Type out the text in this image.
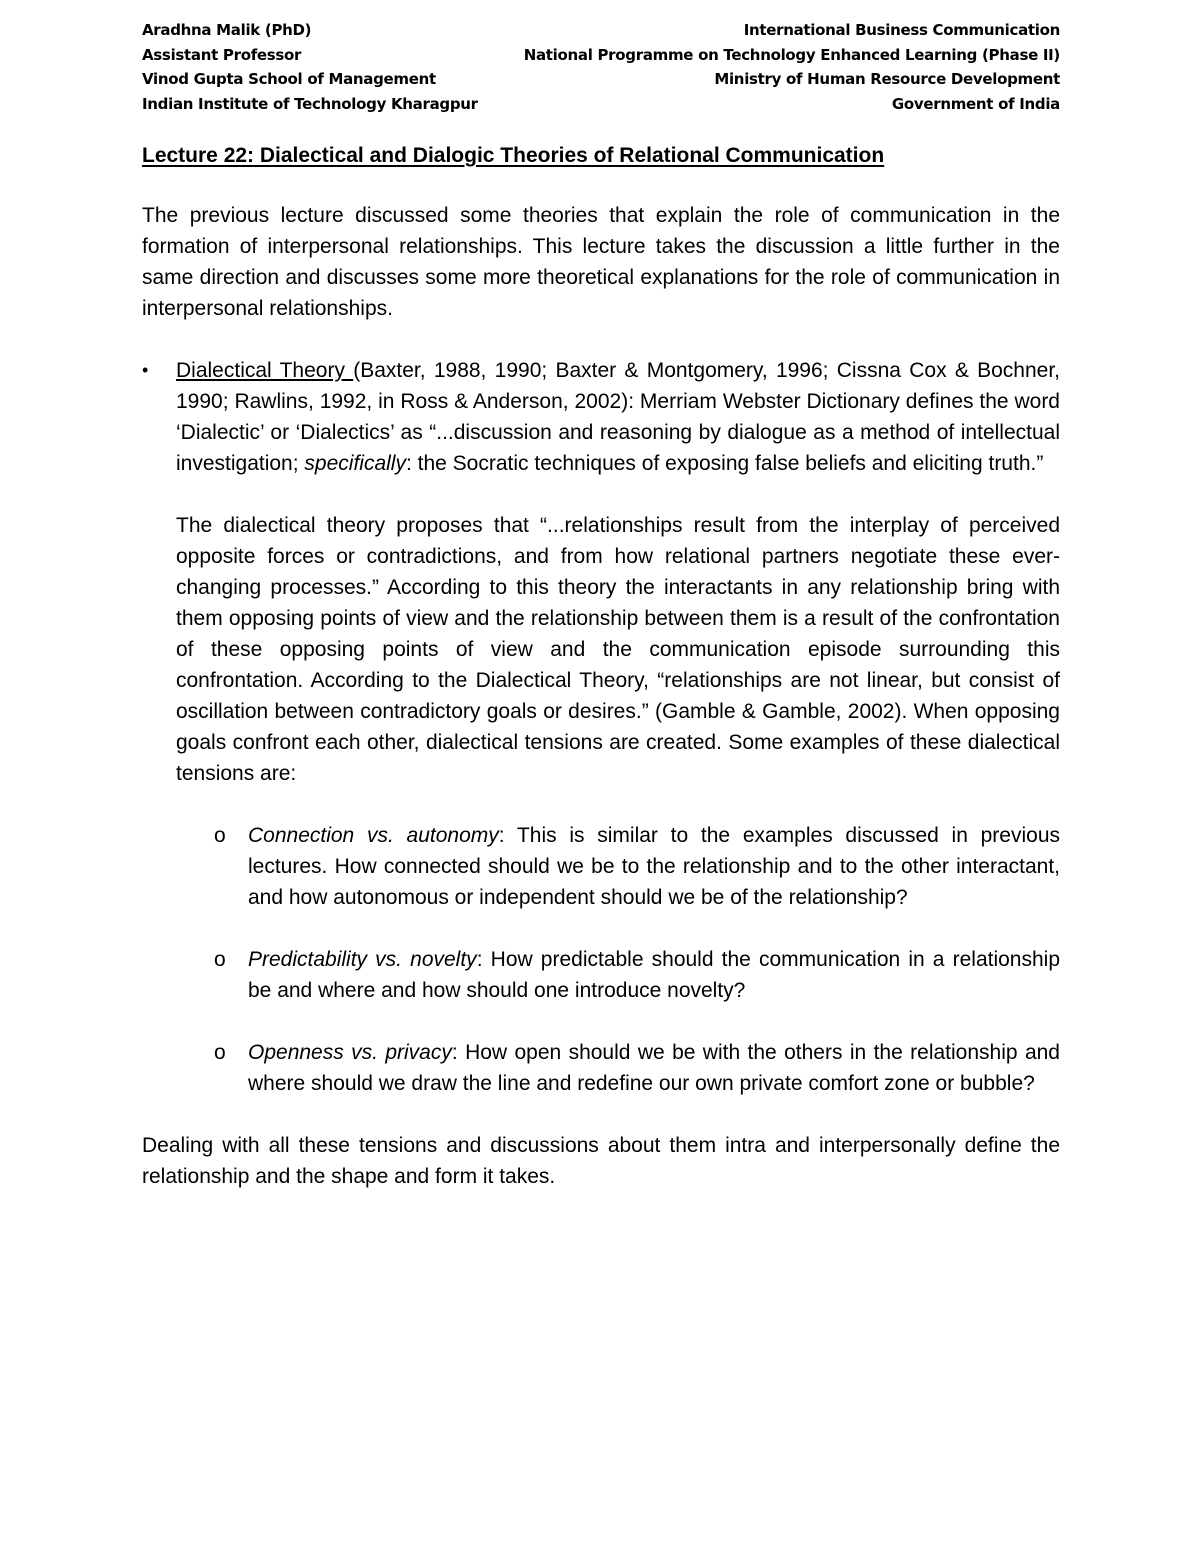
Aradhna Malik (PhD)	International Business Communication
Assistant Professor	National Programme on Technology Enhanced Learning (Phase II)
Vinod Gupta School of Management	Ministry of Human Resource Development
Indian Institute of Technology Kharagpur	Government of India
Lecture 22: Dialectical and Dialogic Theories of Relational Communication

The previous lecture discussed some theories that explain the role of communication in the formation of interpersonal relationships. This lecture takes the discussion a little further in the same direction and discusses some more theoretical explanations for the role of communication in interpersonal relationships.

• Dialectical Theory (Baxter, 1988, 1990; Baxter & Montgomery, 1996; Cissna Cox & Bochner, 1990; Rawlins, 1992, in Ross & Anderson, 2002): Merriam Webster Dictionary defines the word ‘Dialectic’ or ‘Dialectics’ as “...discussion and reasoning by dialogue as a method of intellectual investigation; specifically: the Socratic techniques of exposing false beliefs and eliciting truth.”

The dialectical theory proposes that “...relationships result from the interplay of perceived opposite forces or contradictions, and from how relational partners negotiate these ever-changing processes.” According to this theory the interactants in any relationship bring with them opposing points of view and the relationship between them is a result of the confrontation of these opposing points of view and the communication episode surrounding this confrontation. According to the Dialectical Theory, “relationships are not linear, but consist of oscillation between contradictory goals or desires.” (Gamble & Gamble, 2002). When opposing goals confront each other, dialectical tensions are created. Some examples of these dialectical tensions are:

o Connection vs. autonomy: This is similar to the examples discussed in previous lectures. How connected should we be to the relationship and to the other interactant, and how autonomous or independent should we be of the relationship?

o Predictability vs. novelty: How predictable should the communication in a relationship be and where and how should one introduce novelty?

o Openness vs. privacy: How open should we be with the others in the relationship and where should we draw the line and redefine our own private comfort zone or bubble?

Dealing with all these tensions and discussions about them intra and interpersonally define the relationship and the shape and form it takes.
